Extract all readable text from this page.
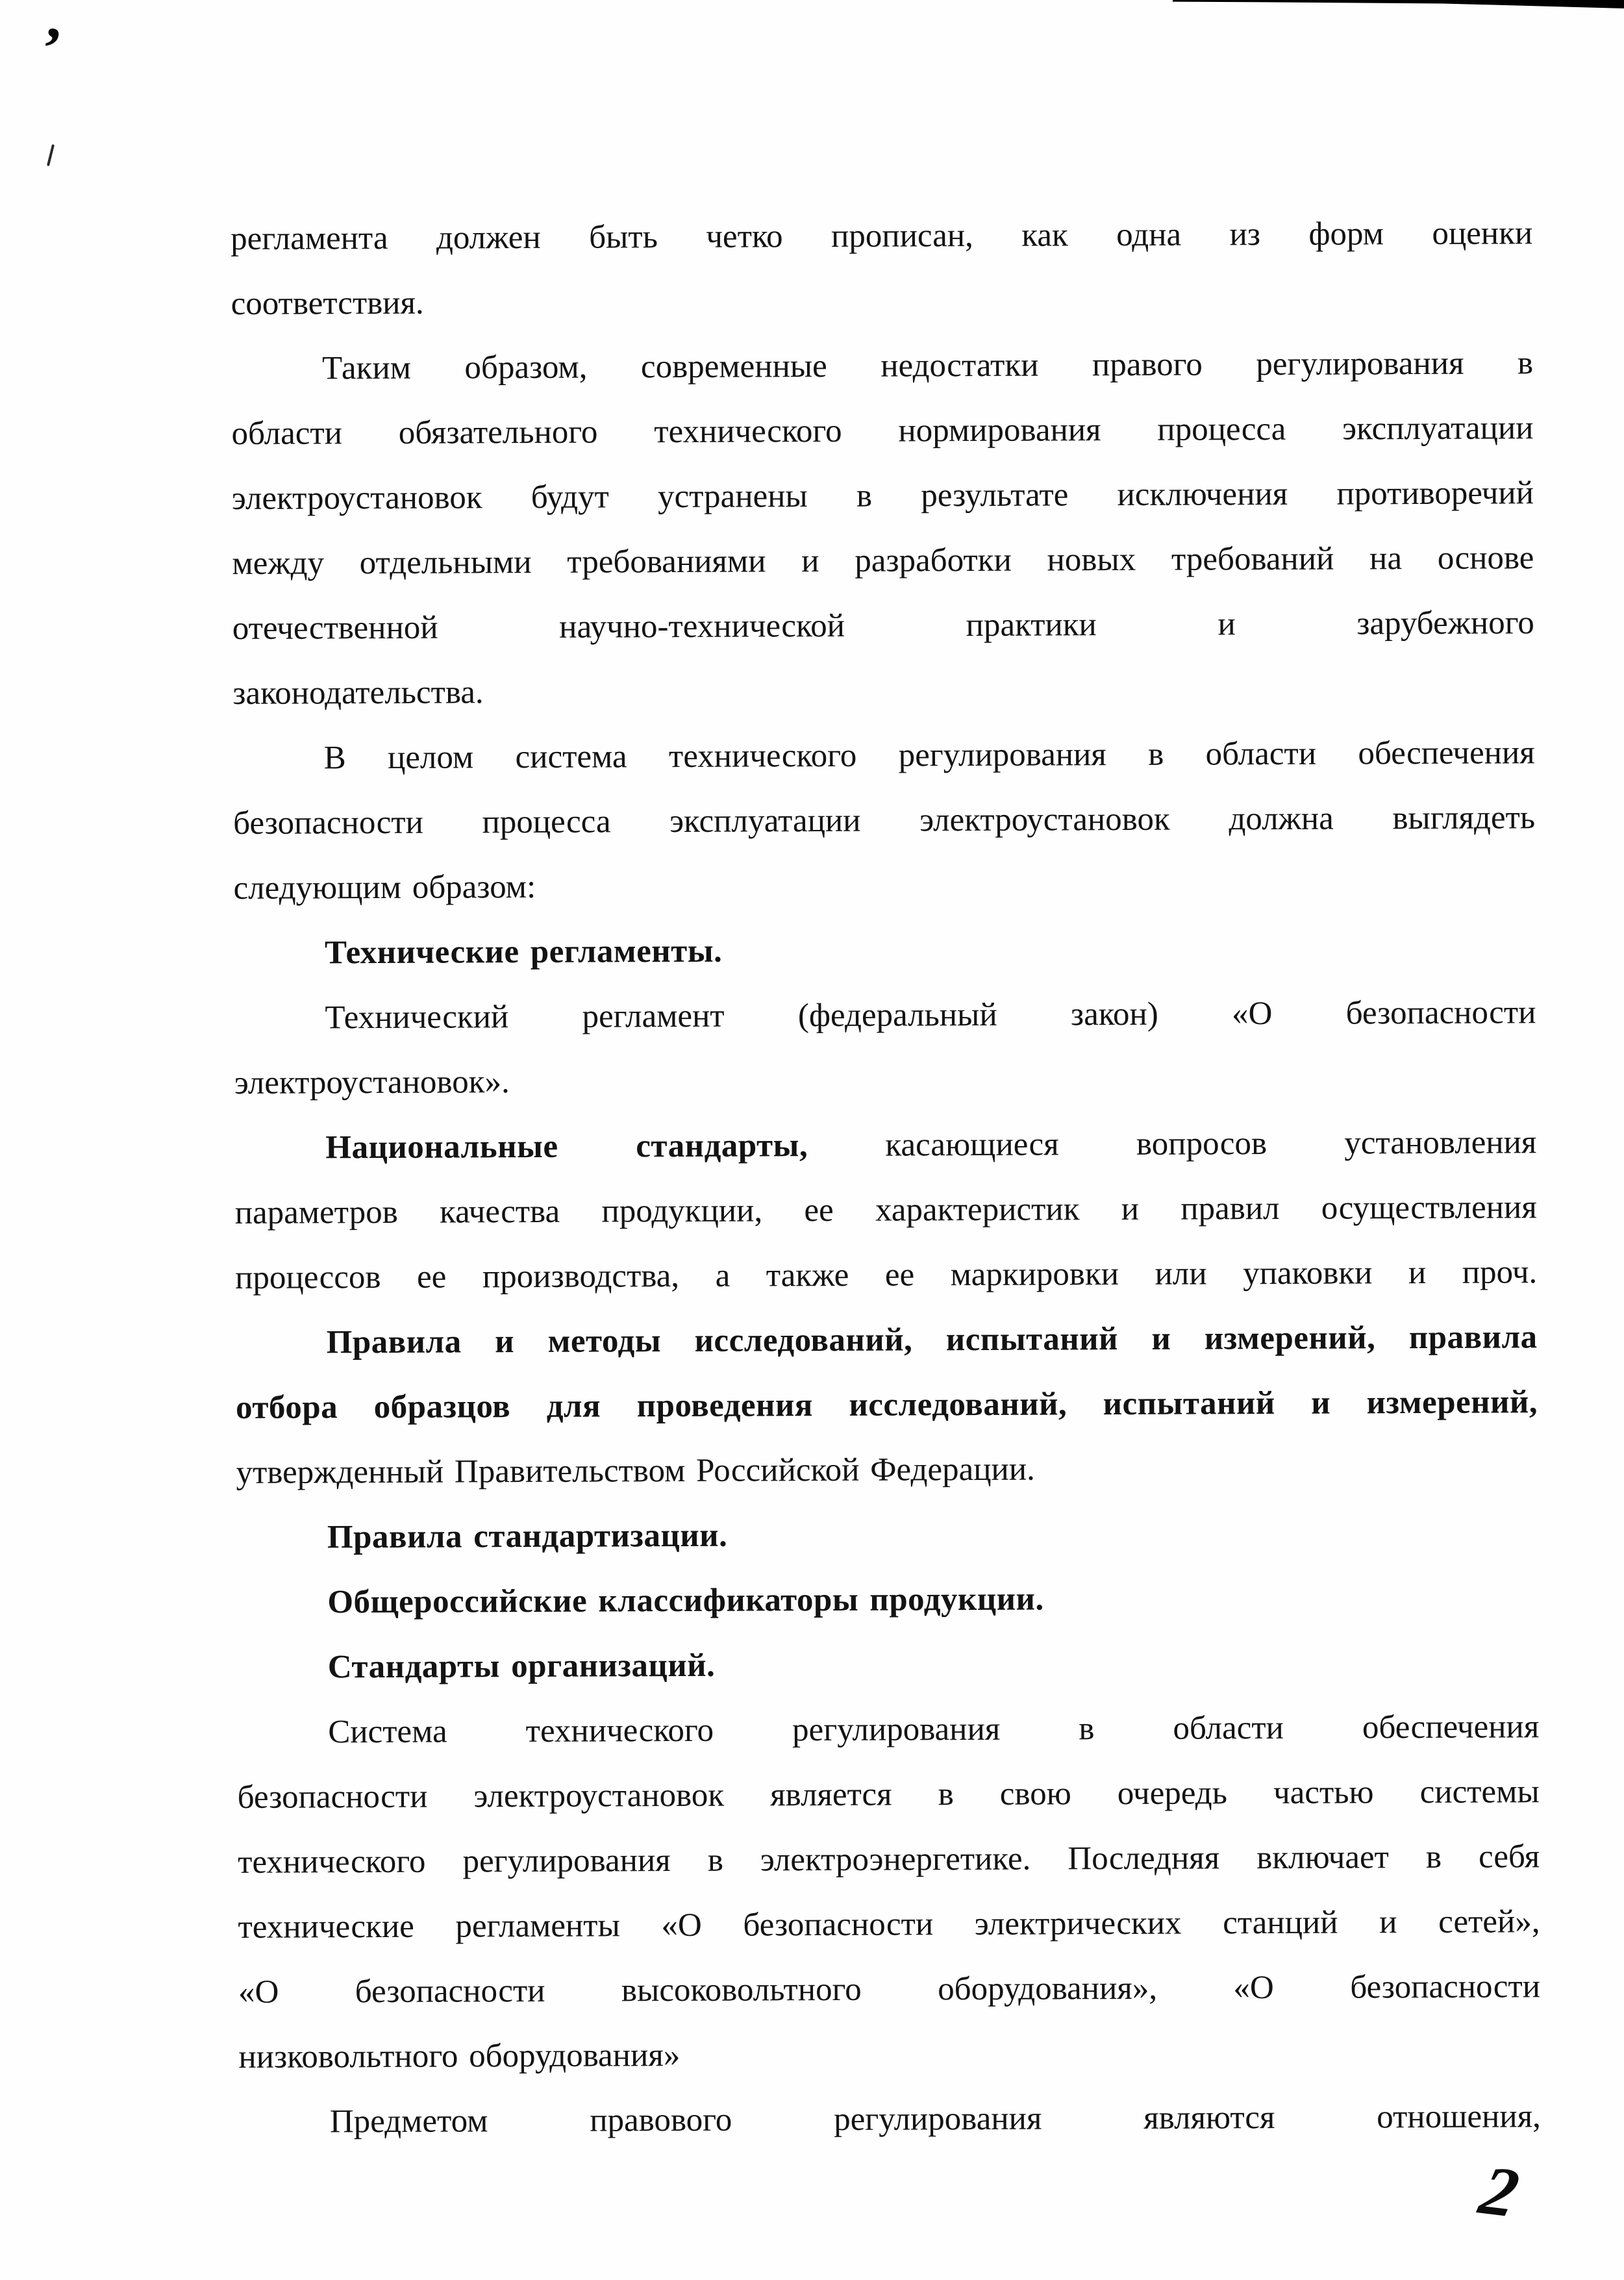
’
регламента должен быть четко прописан, как одна из форм оценки
соответствия.
Таким образом, современные недостатки правого регулирования в
области обязательного технического нормирования процесса эксплуатации
электроустановок будут устранены в результате исключения противоречий
между отдельными требованиями и разработки новых требований на основе
отечественной научно-технической практики и зарубежного
законодательства.
В целом система технического регулирования в области обеспечения
безопасности процесса эксплуатации электроустановок должна выглядеть
следующим образом:
Технические регламенты.
Технический регламент (федеральный закон) «О безопасности
электроустановок».
Национальные стандарты, касающиеся вопросов установления
параметров качества продукции, ее характеристик и правил осуществления
процессов ее производства, а также ее маркировки или упаковки и проч.
Правила и методы исследований, испытаний и измерений, правила
отбора образцов для проведения исследований, испытаний и измерений,
утвержденный Правительством Российской Федерации.
Правила стандартизации.
Общероссийские классификаторы продукции.
Стандарты организаций.
Система технического регулирования в области обеспечения
безопасности электроустановок является в свою очередь частью системы
технического регулирования в электроэнергетике. Последняя включает в себя
технические регламенты «О безопасности электрических станций и сетей»,
«О безопасности высоковольтного оборудования», «О безопасности
низковольтного оборудования»
Предметом правового регулирования являются отношения,
2
